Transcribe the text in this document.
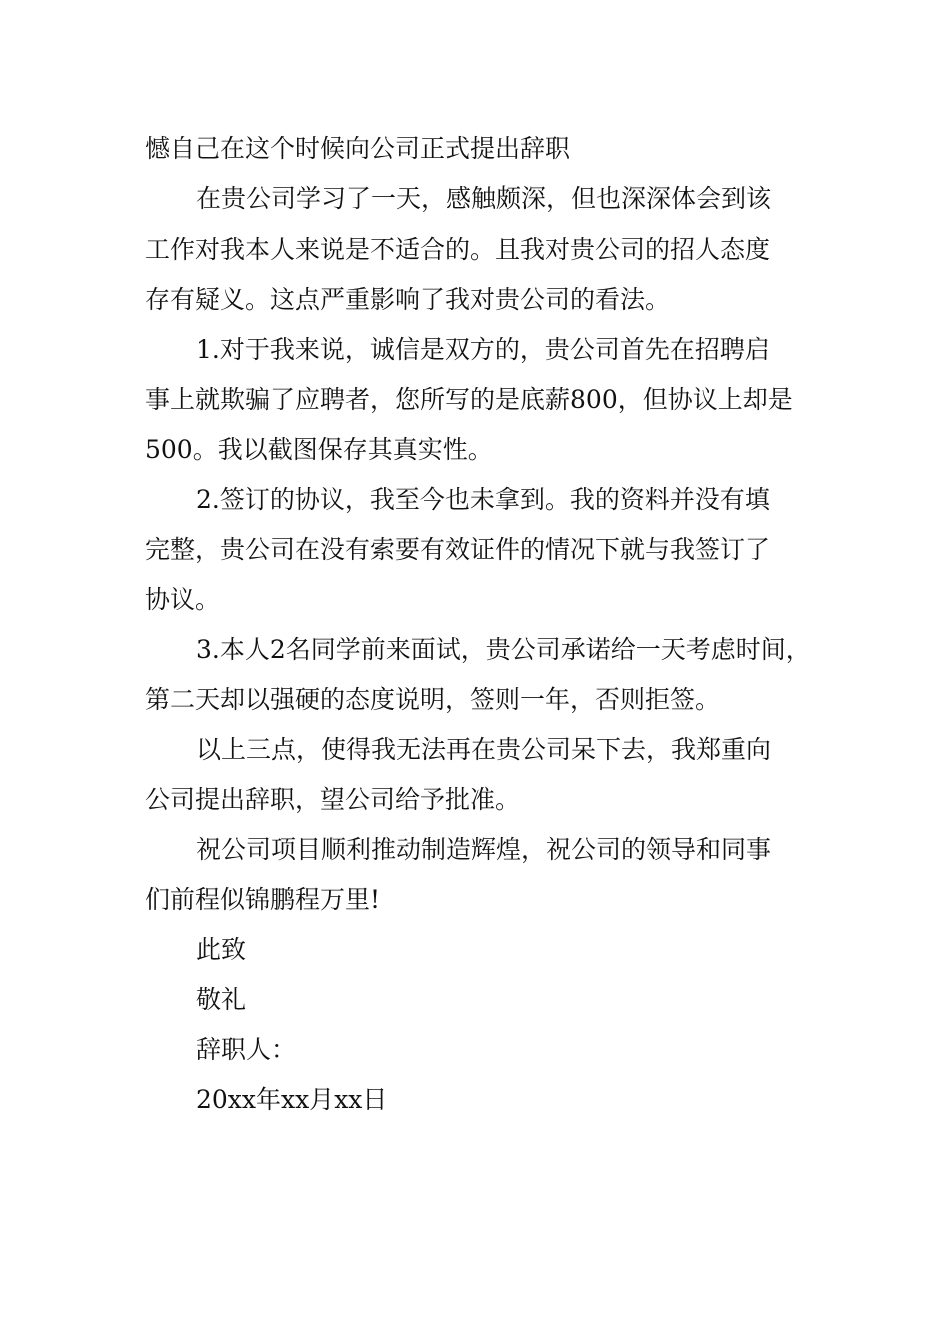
憾自己在这个时候向公司正式提出辞职
在贵公司学习了一天，感触颇深，但也深深体会到该
工作对我本人来说是不适合的。且我对贵公司的招人态度
存有疑义。这点严重影响了我对贵公司的看法。
1.对于我来说，诚信是双方的，贵公司首先在招聘启
事上就欺骗了应聘者，您所写的是底薪800，但协议上却是
500。我以截图保存其真实性。
2.签订的协议，我至今也未拿到。我的资料并没有填
完整，贵公司在没有索要有效证件的情况下就与我签订了
协议。
3.本人2名同学前来面试，贵公司承诺给一天考虑时间，
第二天却以强硬的态度说明，签则一年，否则拒签。
以上三点，使得我无法再在贵公司呆下去，我郑重向
公司提出辞职，望公司给予批准。
祝公司项目顺利推动制造辉煌，祝公司的领导和同事
们前程似锦鹏程万里!
此致
敬礼
辞职人：
20xx年xx月xx日
